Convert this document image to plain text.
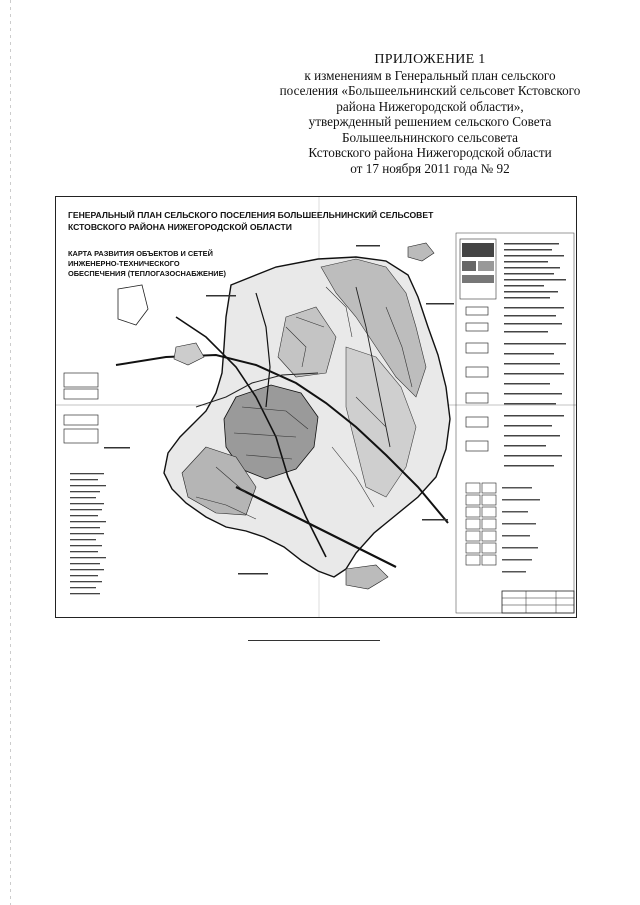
ПРИЛОЖЕНИЕ 1
к изменениям в Генеральный план сельского
поселения «Большеельнинский сельсовет Кстовского
района Нижегородской области»,
утвержденный решением сельского Совета
Большеельнинского сельсовета
Кстовского района Нижегородской области
от 17 ноября 2011 года № 92
ГЕНЕРАЛЬНЫЙ ПЛАН СЕЛЬСКОГО ПОСЕЛЕНИЯ БОЛЬШЕЕЛЬНИНСКИЙ СЕЛЬСОВЕТ
КСТОВСКОГО РАЙОНА НИЖЕГОРОДСКОЙ ОБЛАСТИ
КАРТА РАЗВИТИЯ ОБЪЕКТОВ И СЕТЕЙ
ИНЖЕНЕРНО-ТЕХНИЧЕСКОГО
ОБЕСПЕЧЕНИЯ (ТЕПЛОГАЗОСНАБЖЕНИЕ)
